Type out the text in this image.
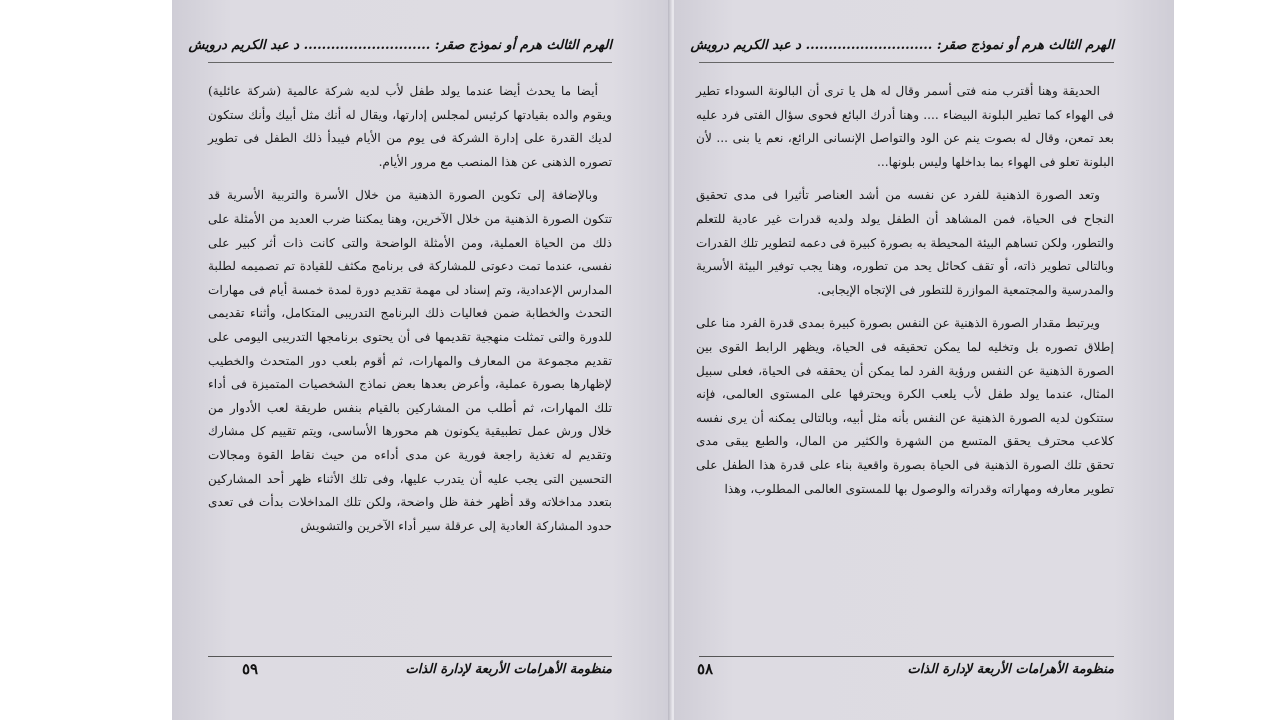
الهرم الثالث هرم أو نموذج صقر: ............................ د عبد الكريم درويش

أيضا ما يحدث أيضا عندما يولد طفل لأب لديه شركة عالمية (شركة عائلية) ويقوم والده بقيادتها كرئيس لمجلس إدارتها، ويقال له أنك مثل أبيك وأنك ستكون لديك القدرة على إدارة الشركة فى يوم من الأيام فيبدأ ذلك الطفل فى تطوير تصوره الذهنى عن هذا المنصب مع مرور الأيام.

وبالإضافة إلى تكوين الصورة الذهنية من خلال الأسرة والتربية الأسرية قد تتكون الصورة الذهنية من خلال الآخرين، وهنا يمكننا ضرب العديد من الأمثلة على ذلك من الحياة العملية، ومن الأمثلة الواضحة والتى كانت ذات أثر كبير على نفسى، عندما تمت دعوتى للمشاركة فى برنامج مكثف للقيادة تم تصميمه لطلبة المدارس الإعدادية، وتم إسناد لى مهمة تقديم دورة لمدة خمسة أيام فى مهارات التحدث والخطابة ضمن فعاليات ذلك البرنامج التدريبى المتكامل، وأثناء تقديمى للدورة والتى تمثلت منهجية تقديمها فى أن يحتوى برنامجها التدريبى اليومى على تقديم مجموعة من المعارف والمهارات، ثم أقوم بلعب دور المتحدث والخطيب لإظهارها بصورة عملية، وأعرض بعدها بعض نماذج الشخصيات المتميزة فى أداء تلك المهارات، ثم أطلب من المشاركين بالقيام بنفس طريقة لعب الأدوار من خلال ورش عمل تطبيقية يكونون هم محورها الأساسى، ويتم تقييم كل مشارك وتقديم له تغذية راجعة فورية عن مدى أداءه من حيث نقاط القوة ومجالات التحسين التى يجب عليه أن يتدرب عليها، وفى تلك الأثناء ظهر أحد المشاركين بتعدد مداخلاته وقد أظهر خفة ظل واضحة، ولكن تلك المداخلات بدأت فى تعدى حدود المشاركة العادية إلى عرقلة سير أداء الآخرين والتشويش

منظومة الأهرامات الأربعة لإدارة الذات
٥٩
الهرم الثالث هرم أو نموذج صقر: ............................ د عبد الكريم درويش

الحديقة وهنا أقترب منه فتى أسمر وقال له هل يا ترى أن البالونة السوداء تطير فى الهواء كما تطير البلونة البيضاء .... وهنا أدرك البائع فحوى سؤال الفتى فرد عليه بعد تمعن، وقال له بصوت ينم عن الود والتواصل الإنسانى الرائع، نعم يا بنى ... لأن البلونة تعلو فى الهواء بما بداخلها وليس بلونها...

وتعد الصورة الذهنية للفرد عن نفسه من أشد العناصر تأثيرا فى مدى تحقيق النجاح فى الحياة، فمن المشاهد أن الطفل يولد ولديه قدرات غير عادية للتعلم والتطور، ولكن تساهم البيئة المحيطة به بصورة كبيرة فى دعمه لتطوير تلك القدرات وبالتالى تطوير ذاته، أو تقف كحائل يحد من تطوره، وهنا يجب توفير البيئة الأسرية والمدرسية والمجتمعية الموازرة للتطور فى الإتجاه الإيجابى.

ويرتبط مقدار الصورة الذهنية عن النفس بصورة كبيرة بمدى قدرة الفرد منا على إطلاق تصوره بل وتخليه لما يمكن تحقيقه فى الحياة، ويظهر الرابط القوى بين الصورة الذهنية عن النفس ورؤية الفرد لما يمكن أن يحققه فى الحياة، فعلى سبيل المثال، عندما يولد طفل لأب يلعب الكرة ويحترفها على المستوى العالمى، فإنه ستتكون لديه الصورة الذهنية عن النفس بأنه مثل أبيه، وبالتالى يمكنه أن يرى نفسه كلاعب محترف يحقق المتسع من الشهرة والكثير من المال، والطبع يبقى مدى تحقق تلك الصورة الذهنية فى الحياة بصورة واقعية بناء على قدرة هذا الطفل على تطوير معارفه ومهاراته وقدراته والوصول بها للمستوى العالمى المطلوب، وهذا

منظومة الأهرامات الأربعة لإدارة الذات
٥٨
